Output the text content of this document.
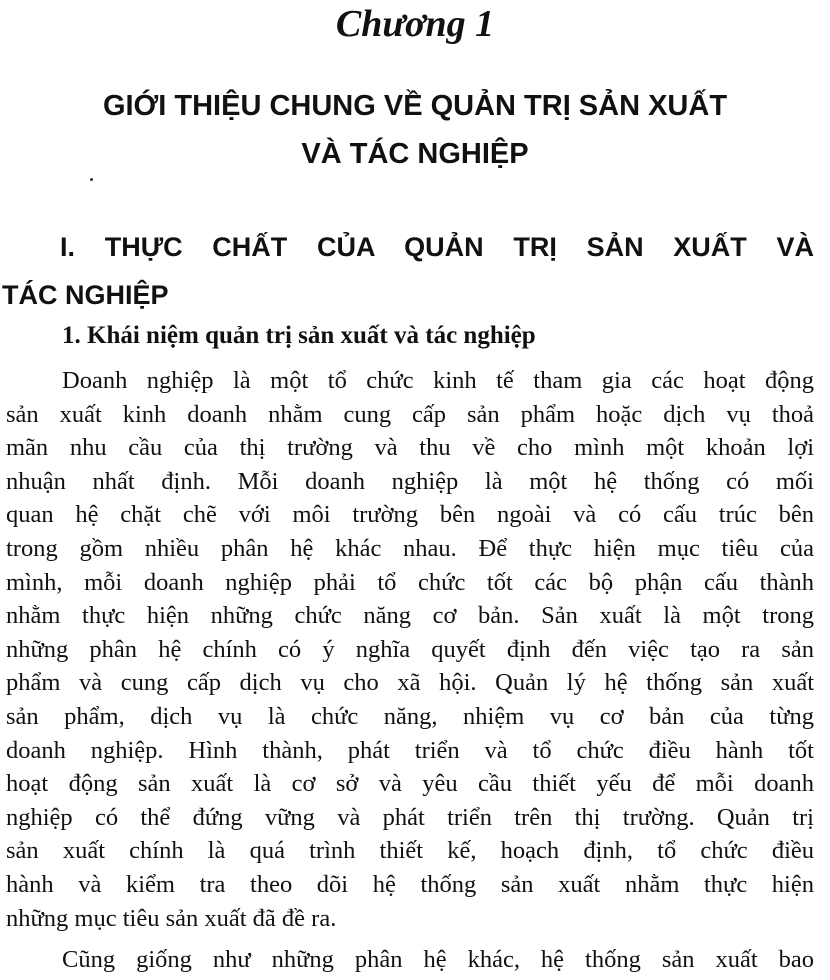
Chương 1
GIỚI THIỆU CHUNG VỀ QUẢN TRỊ SẢN XUẤT
VÀ TÁC NGHIỆP
I. THỰC CHẤT CỦA QUẢN TRỊ SẢN XUẤT VÀ
TÁC NGHIỆP
1. Khái niệm quản trị sản xuất và tác nghiệp
Doanh nghiệp là một tổ chức kinh tế tham gia các hoạt động
sản xuất kinh doanh nhằm cung cấp sản phẩm hoặc dịch vụ thoả
mãn nhu cầu của thị trường và thu về cho mình một khoản lợi
nhuận nhất định. Mỗi doanh nghiệp là một hệ thống có mối
quan hệ chặt chẽ với môi trường bên ngoài và có cấu trúc bên
trong gồm nhiều phân hệ khác nhau. Để thực hiện mục tiêu của
mình, mỗi doanh nghiệp phải tổ chức tốt các bộ phận cấu thành
nhằm thực hiện những chức năng cơ bản. Sản xuất là một trong
những phân hệ chính có ý nghĩa quyết định đến việc tạo ra sản
phẩm và cung cấp dịch vụ cho xã hội. Quản lý hệ thống sản xuất
sản phẩm, dịch vụ là chức năng, nhiệm vụ cơ bản của từng
doanh nghiệp. Hình thành, phát triển và tổ chức điều hành tốt
hoạt động sản xuất là cơ sở và yêu cầu thiết yếu để mỗi doanh
nghiệp có thể đứng vững và phát triển trên thị trường. Quản trị
sản xuất chính là quá trình thiết kế, hoạch định, tổ chức điều
hành và kiểm tra theo dõi hệ thống sản xuất nhằm thực hiện
những mục tiêu sản xuất đã đề ra.
Cũng giống như những phân hệ khác, hệ thống sản xuất bao
